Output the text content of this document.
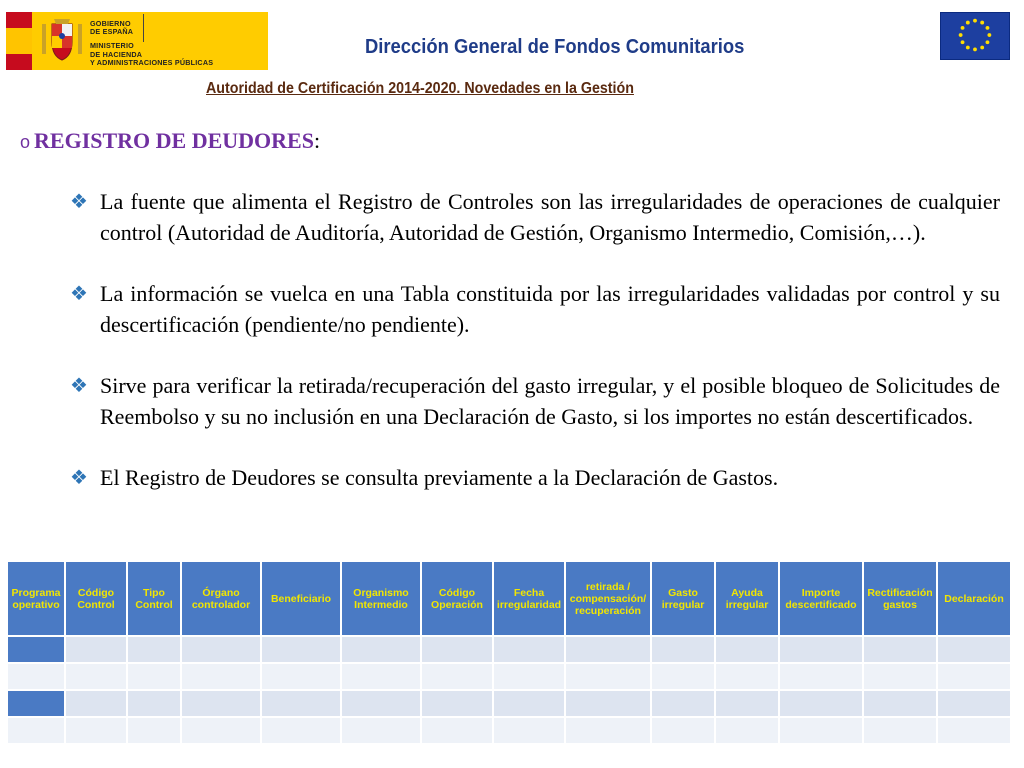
GOBIERNO
DE ESPAÑA  MINISTERIO
DE HACIENDA
Y ADMINISTRACIONES PÚBLICAS
Dirección General de Fondos Comunitarios
Autoridad de Certificación 2014-2020. Novedades en la Gestión
o REGISTRO DE DEUDORES:
❖ La fuente que alimenta el Registro de Controles son las irregularidades de operaciones de cualquier control (Autoridad de Auditoría, Autoridad de Gestión, Organismo Intermedio, Comisión,…).
❖ La información se vuelca en una Tabla constituida por las irregularidades validadas por control y su descertificación (pendiente/no pendiente).
❖ Sirve para verificar la retirada/recuperación del gasto irregular, y el posible bloqueo de Solicitudes de Reembolso y su no inclusión en una Declaración de Gasto, si los importes no están descertificados.
❖ El Registro de Deudores se consulta previamente a la Declaración de Gastos.
Programa operativo	Código Control	Tipo Control	Órgano controlador	Beneficiario	Organismo Intermedio	Código Operación	Fecha irregularidad	retirada / compensación/ recuperación	Gasto irregular	Ayuda irregular	Importe descertificado	Rectificación gastos	Declaración
